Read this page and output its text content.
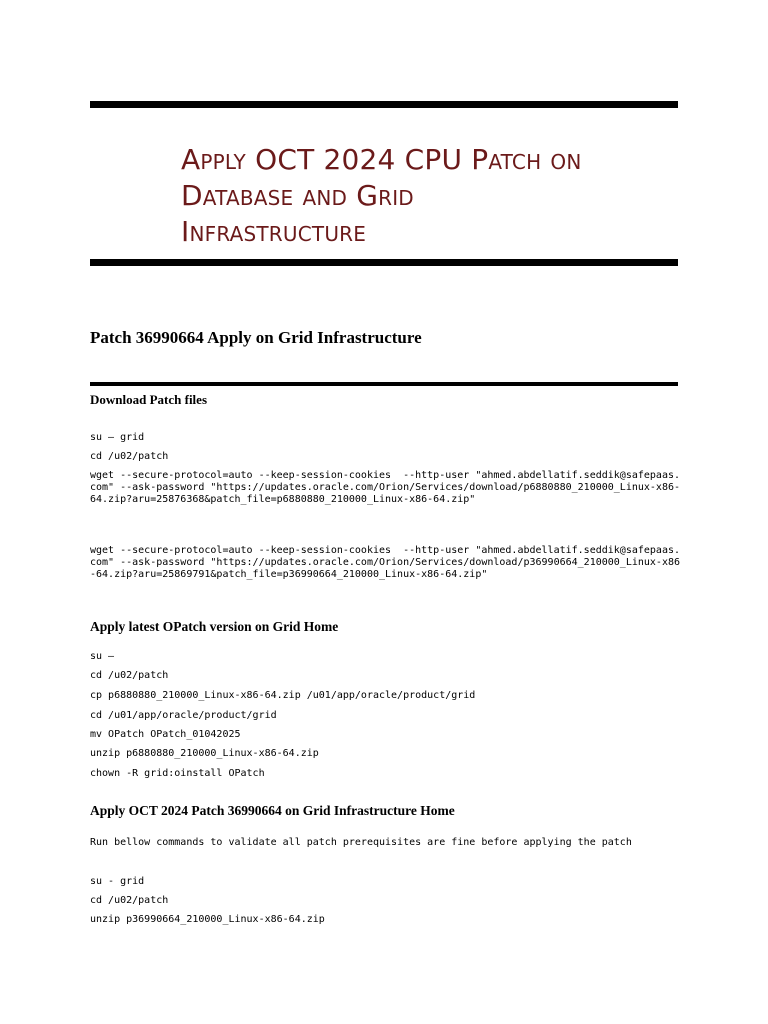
Apply OCT 2024 CPU Patch on
Database and Grid
Infrastructure
Patch 36990664 Apply on Grid Infrastructure
Download Patch files
su – grid
cd /u02/patch
wget --secure-protocol=auto --keep-session-cookies  --http-user "ahmed.abdellatif.seddik@safepaas.com" --ask-password "https://updates.oracle.com/Orion/Services/download/p6880880_210000_Linux-x86-64.zip?aru=25876368&patch_file=p6880880_210000_Linux-x86-64.zip"
wget --secure-protocol=auto --keep-session-cookies  --http-user "ahmed.abdellatif.seddik@safepaas.com" --ask-password "https://updates.oracle.com/Orion/Services/download/p36990664_210000_Linux-x86-64.zip?aru=25869791&patch_file=p36990664_210000_Linux-x86-64.zip"
Apply latest OPatch version on Grid Home
su –
cd /u02/patch
cp p6880880_210000_Linux-x86-64.zip /u01/app/oracle/product/grid
cd /u01/app/oracle/product/grid
mv OPatch OPatch_01042025
unzip p6880880_210000_Linux-x86-64.zip
chown -R grid:oinstall OPatch
Apply OCT 2024 Patch 36990664 on Grid Infrastructure Home
Run bellow commands to validate all patch prerequisites are fine before applying the patch
su - grid
cd /u02/patch
unzip p36990664_210000_Linux-x86-64.zip
